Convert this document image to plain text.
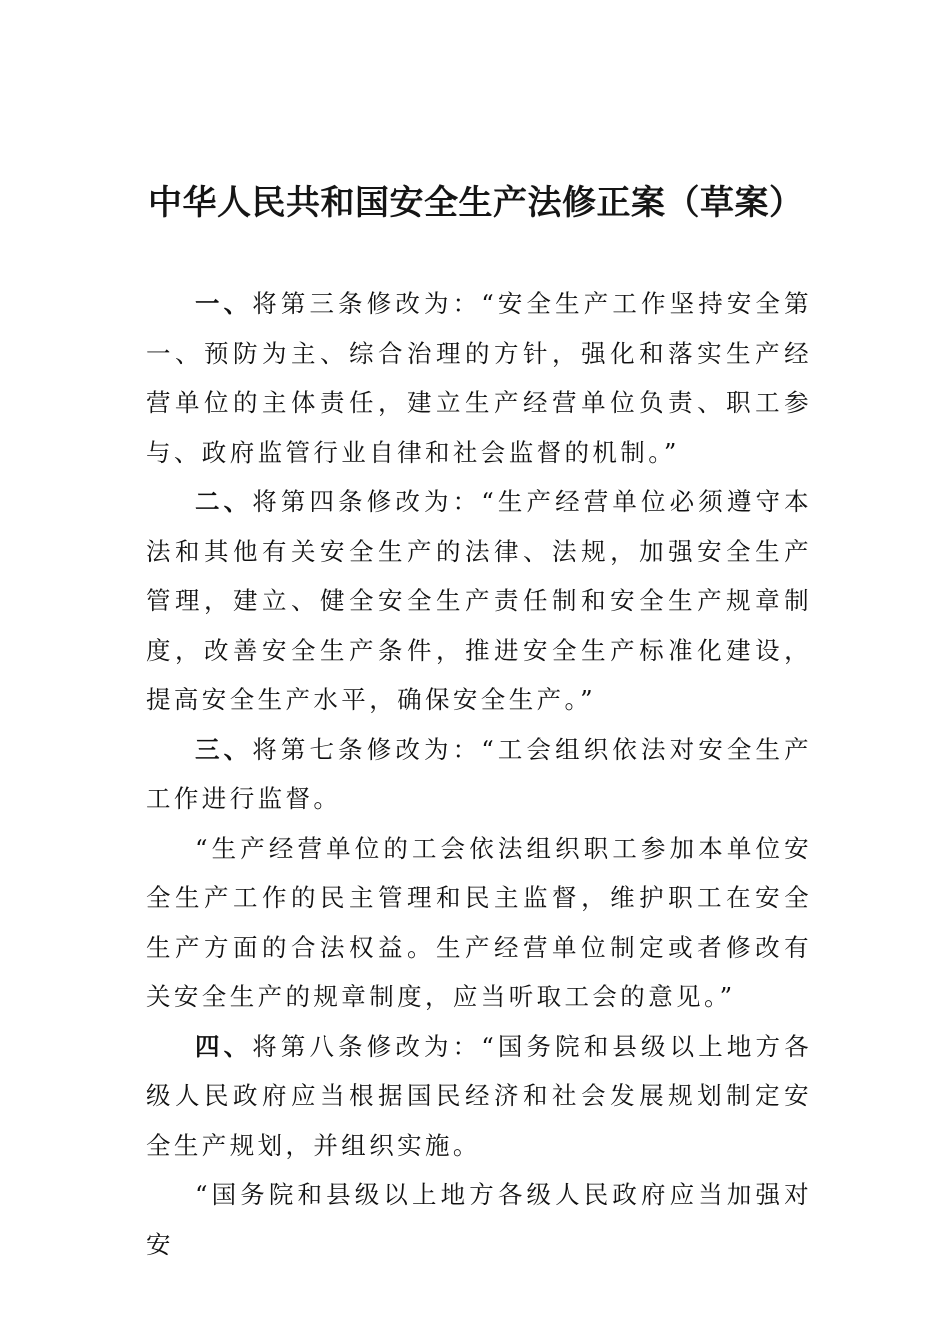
中华人民共和国安全生产法修正案（草案）

一、将第三条修改为：“安全生产工作坚持安全第一、预防为主、综合治理的方针，强化和落实生产经营单位的主体责任，建立生产经营单位负责、职工参与、政府监管行业自律和社会监督的机制。”

二、将第四条修改为：“生产经营单位必须遵守本法和其他有关安全生产的法律、法规，加强安全生产管理，建立、健全安全生产责任制和安全生产规章制度，改善安全生产条件，推进安全生产标准化建设，提高安全生产水平，确保安全生产。”

三、将第七条修改为：“工会组织依法对安全生产工作进行监督。

“生产经营单位的工会依法组织职工参加本单位安全生产工作的民主管理和民主监督，维护职工在安全生产方面的合法权益。生产经营单位制定或者修改有关安全生产的规章制度，应当听取工会的意见。”

四、将第八条修改为：“国务院和县级以上地方各级人民政府应当根据国民经济和社会发展规划制定安全生产规划，并组织实施。

“国务院和县级以上地方各级人民政府应当加强对安
